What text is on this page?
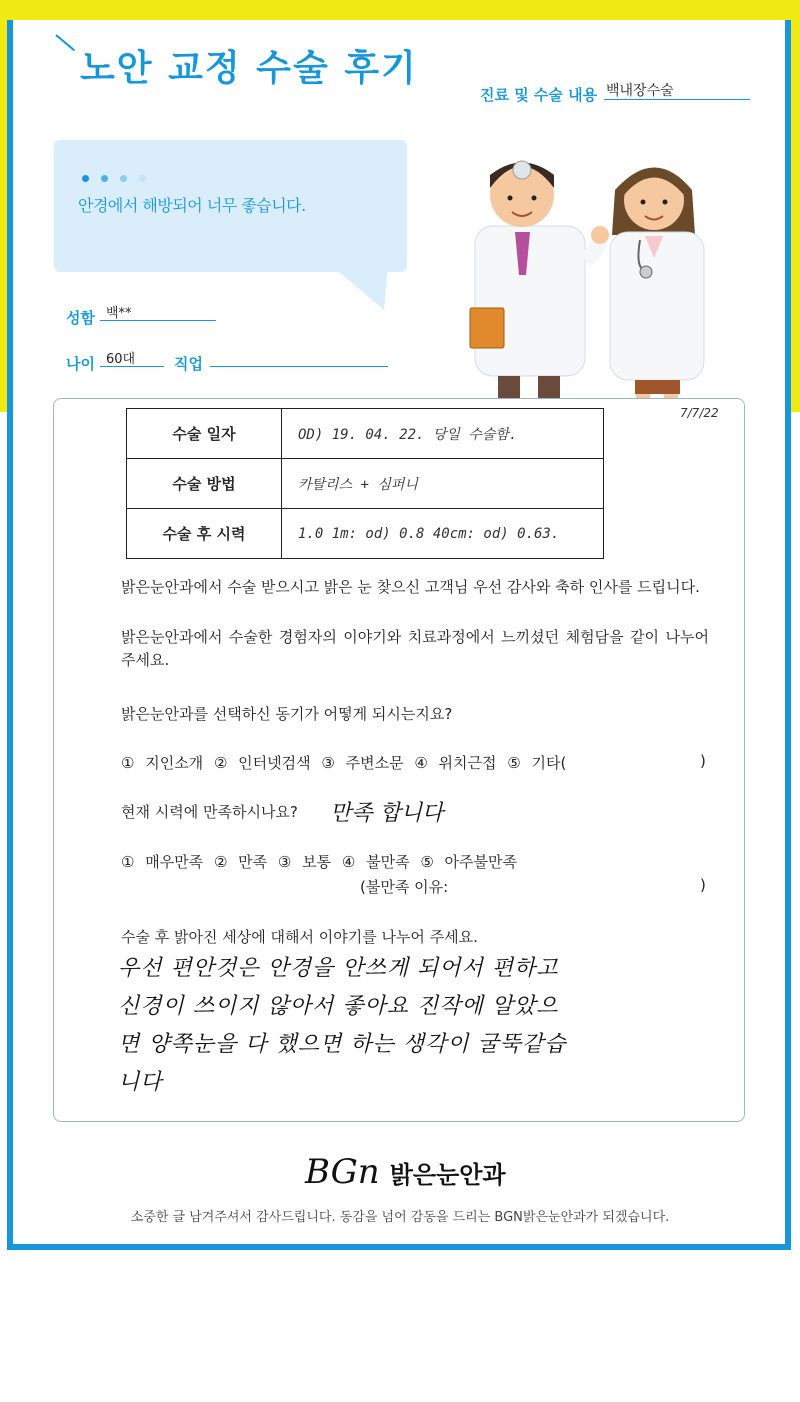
노안 교정 수술 후기
진료 및 수술 내용 백내장수술
안경에서 해방되어 너무 좋습니다.
성함 백**
나이 60대	직업
7/7/22
수술 일자	OD) 19. 04. 22. 당일 수술함.
수술 방법	카탈리스 + 심퍼니
수술 후 시력	1.0 1m: od) 0.8 40cm: od) 0.63.
밝은눈안과에서 수술 받으시고 밝은 눈 찾으신 고객님 우선 감사와 축하 인사를 드립니다.
밝은눈안과에서 수술한 경험자의 이야기와 치료과정에서 느끼셨던 체험담을 같이 나누어주세요.
밝은눈안과를 선택하신 동기가 어떻게 되시는지요?
① 지인소개 ② 인터넷검색 ③ 주변소문 ④ 위치근접 ⑤ 기타(	)
현재 시력에 만족하시나요? 만족 합니다
① 매우만족 ② 만족 ③ 보통 ④ 불만족 ⑤ 아주불만족
(불만족 이유:	)
수술 후 밝아진 세상에 대해서 이야기를 나누어 주세요.
우선 편안것은 안경을 안쓰게 되어서 편하고 신경이 쓰이지 않아서 좋아요 진작에 알았으면 양쪽눈을 다 했으면 하는 생각이 굴뚝같습니다
BGn 밝은눈안과
소중한 글 남겨주셔서 감사드립니다. 동감을 넘어 감동을 드리는 BGN밝은눈안과가 되겠습니다.
